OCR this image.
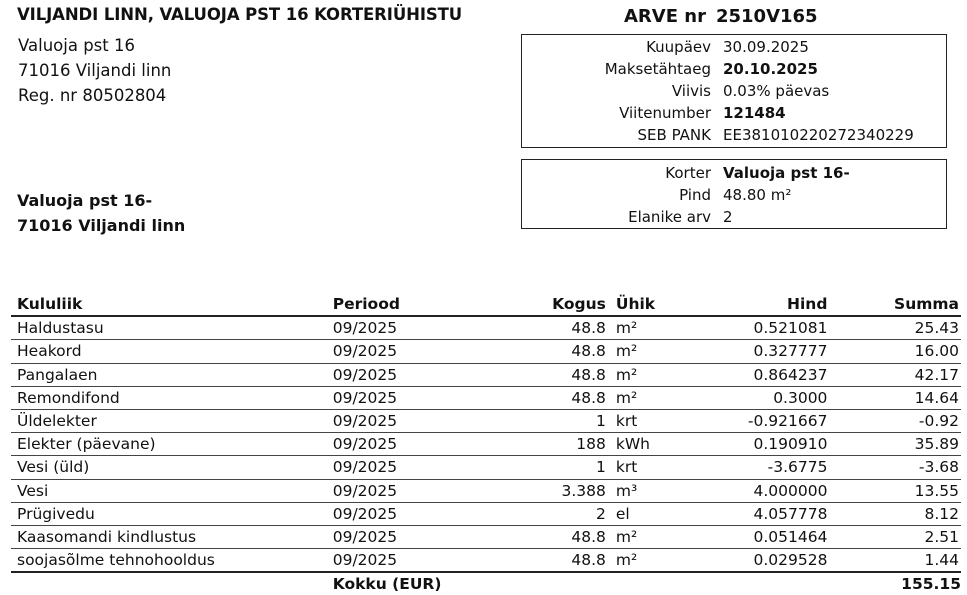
VILJANDI LINN, VALUOJA PST 16 KORTERIÜHISTU
Valuoja pst 16
71016 Viljandi linn
Reg. nr 80502804
ARVE nr 2510V165
Kuupäev 30.09.2025
Maksetähtaeg 20.10.2025
Viivis 0.03% päevas
Viitenumber 121484
SEB PANK EE381010220272340229
Korter Valuoja pst 16-
Pind 48.80 m²
Elanike arv 2
Valuoja pst 16-
71016 Viljandi linn
Kululiik	Periood	Kogus	Ühik	Hind	Summa
Haldustasu	09/2025	48.8	m²	0.521081	25.43
Heakord	09/2025	48.8	m²	0.327777	16.00
Pangalaen	09/2025	48.8	m²	0.864237	42.17
Remondifond	09/2025	48.8	m²	0.3000	14.64
Üldelekter	09/2025	1	krt	-0.921667	-0.92
Elekter (päevane)	09/2025	188	kWh	0.190910	35.89
Vesi (üld)	09/2025	1	krt	-3.6775	-3.68
Vesi	09/2025	3.388	m³	4.000000	13.55
Prügivedu	09/2025	2	el	4.057778	8.12
Kaasomandi kindlustus	09/2025	48.8	m²	0.051464	2.51
soojasõlme tehnohooldus	09/2025	48.8	m²	0.029528	1.44
	Kokku (EUR)				155.15
